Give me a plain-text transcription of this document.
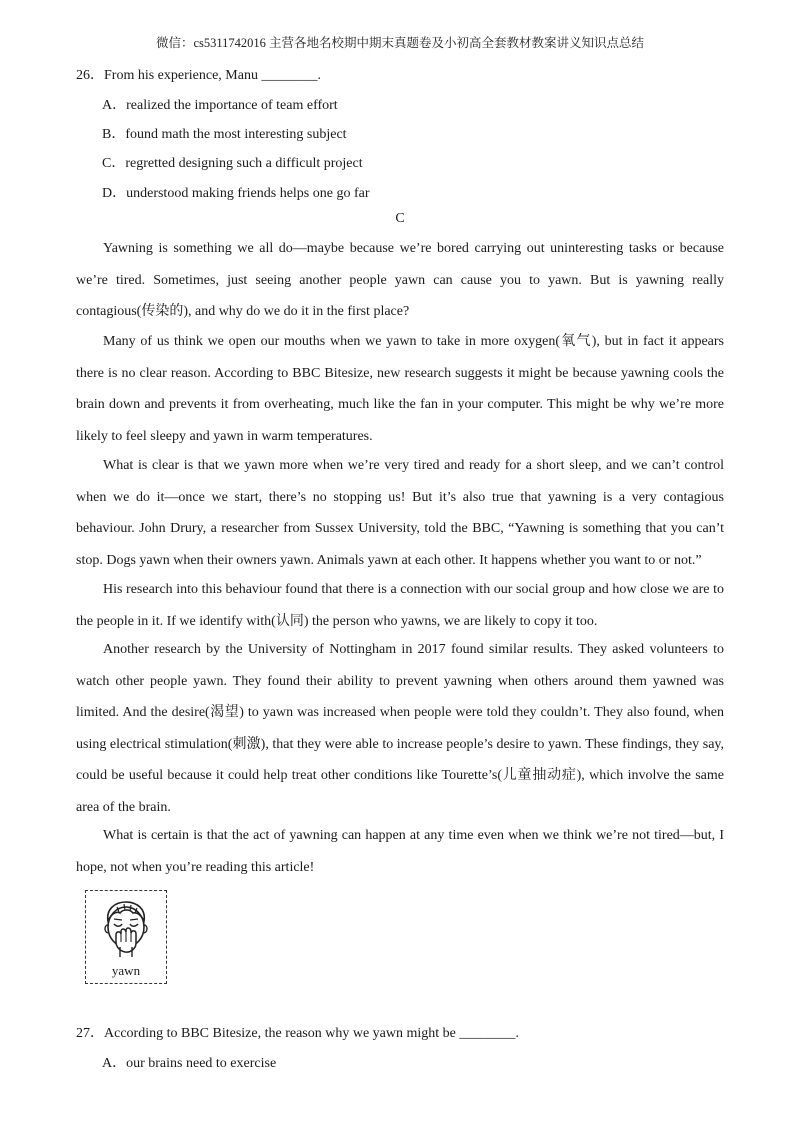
微信：cs5311742016 主营各地名校期中期末真题卷及小初高全套教材教案讲义知识点总结
26．From his experience, Manu ________.
A．realized the importance of team effort
B．found math the most interesting subject
C．regretted designing such a difficult project
D．understood making friends helps one go far
C

Yawning is something we all do—maybe because we’re bored carrying out uninteresting tasks or because we’re tired. Sometimes, just seeing another people yawn can cause you to yawn. But is yawning really contagious(传染的), and why do we do it in the first place?

Many of us think we open our mouths when we yawn to take in more oxygen(氧气), but in fact it appears there is no clear reason. According to BBC Bitesize, new research suggests it might be because yawning cools the brain down and prevents it from overheating, much like the fan in your computer. This might be why we’re more likely to feel sleepy and yawn in warm temperatures.

What is clear is that we yawn more when we’re very tired and ready for a short sleep, and we can’t control when we do it—once we start, there’s no stopping us! But it’s also true that yawning is a very contagious behaviour. John Drury, a researcher from Sussex University, told the BBC, “Yawning is something that you can’t stop. Dogs yawn when their owners yawn. Animals yawn at each other. It happens whether you want to or not.”

His research into this behaviour found that there is a connection with our social group and how close we are to the people in it. If we identify with(认同) the person who yawns, we are likely to copy it too.

Another research by the University of Nottingham in 2017 found similar results. They asked volunteers to watch other people yawn. They found their ability to prevent yawning when others around them yawned was limited. And the desire(渴望) to yawn was increased when people were told they couldn’t. They also found, when using electrical stimulation(刺激), that they were able to increase people’s desire to yawn. These findings, they say, could be useful because it could help treat other conditions like Tourette’s(儿童抽动症), which involve the same area of the brain.

What is certain is that the act of yawning can happen at any time even when we think we’re not tired—but, I hope, not when you’re reading this article!

yawn
27．According to BBC Bitesize, the reason why we yawn might be ________.
A．our brains need to exercise
